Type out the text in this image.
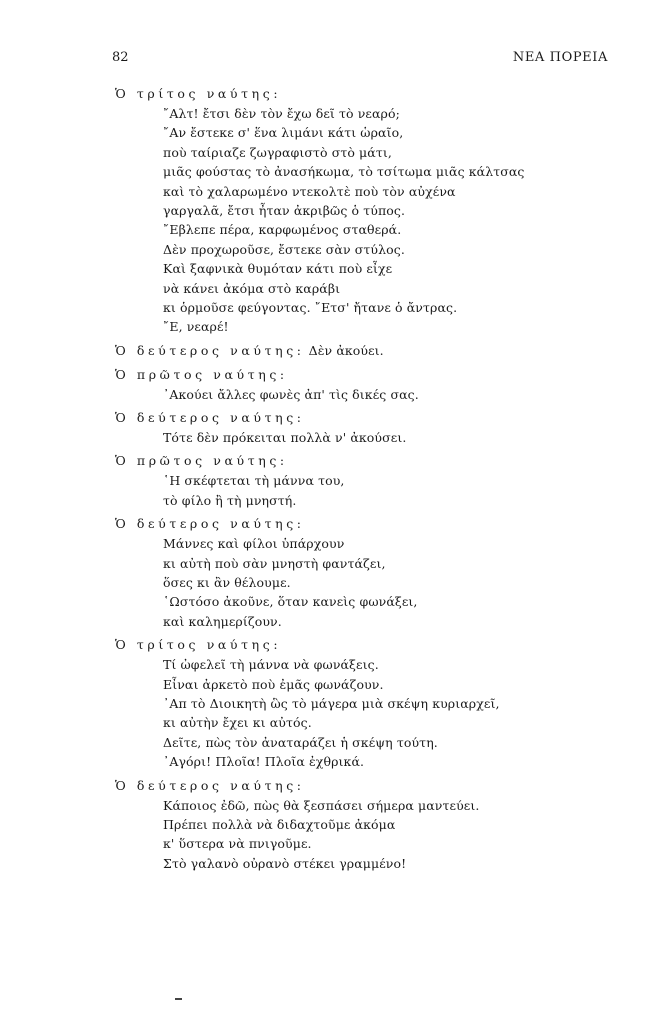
82	ΝΕΑ ΠΟΡΕΙΑ
Ὁ τρίτος ναύτης:
῎Αλτ! ἔτσι δὲν τὸν ἔχω δεῖ τὸ νεαρό;
῎Αν ἔστεκε σ' ἕνα λιμάνι κάτι ὡραῖο,
ποὺ ταίριαζε ζωγραφιστὸ στὸ μάτι,
μιᾶς φούστας τὸ ἀνασήκωμα, τὸ τσίτωμα μιᾶς κάλτσας
καὶ τὸ χαλαρωμένο ντεκολτὲ ποὺ τὸν αὐχένα
γαργαλᾶ, ἔτσι ἦταν ἀκριβῶς ὁ τύπος.
῎Εβλεπε πέρα, καρφωμένος σταθερά.
Δὲν προχωροῦσε, ἔστεκε σὰν στύλος.
Καὶ ξαφνικὰ θυμόταν κάτι ποὺ εἶχε
νὰ κάνει ἀκόμα στὸ καράβι
κι ὁρμοῦσε φεύγοντας. ῎Ετσ' ἤτανε ὁ ἄντρας.
῎Ε, νεαρέ!
Ὁ δεύτερος ναύτης: Δὲν ἀκούει.
Ὁ πρῶτος ναύτης:
᾿Ακούει ἄλλες φωνὲς ἀπ' τὶς δικές σας.
Ὁ δεύτερος ναύτης:
Τότε δὲν πρόκειται πολλὰ ν' ἀκούσει.
Ὁ πρῶτος ναύτης:
῾Η σκέφτεται τὴ μάννα του,
τὸ φίλο ἢ τὴ μνηστή.
Ὁ δεύτερος ναύτης:
Μάννες καὶ φίλοι ὑπάρχουν
κι αὐτὴ ποὺ σὰν μνηστὴ φαντάζει,
ὅσες κι ἂν θέλουμε.
῾Ωστόσο ἀκοῦνε, ὅταν κανεὶς φωνάξει,
καὶ καλημερίζουν.
Ὁ τρίτος ναύτης:
Τί ὠφελεῖ τὴ μάννα νὰ φωνάξεις.
Εἶναι ἀρκετὸ ποὺ ἐμᾶς φωνάζουν.
᾿Απ τὸ Διοικητὴ ὣς τὸ μάγερα μιὰ σκέψη κυριαρχεῖ,
κι αὐτὴν ἔχει κι αὐτός.
Δεῖτε, πὼς τὸν ἀναταράζει ἡ σκέψη τούτη.
᾿Αγόρι! Πλοῖα! Πλοῖα ἐχθρικά.
Ὁ δεύτερος ναύτης:
Κάποιος ἐδῶ, πὼς θὰ ξεσπάσει σήμερα μαντεύει.
Πρέπει πολλὰ νὰ διδαχτοῦμε ἀκόμα
κ' ὕστερα νὰ πνιγοῦμε.
Στὸ γαλανὸ οὐρανὸ στέκει γραμμένο!
